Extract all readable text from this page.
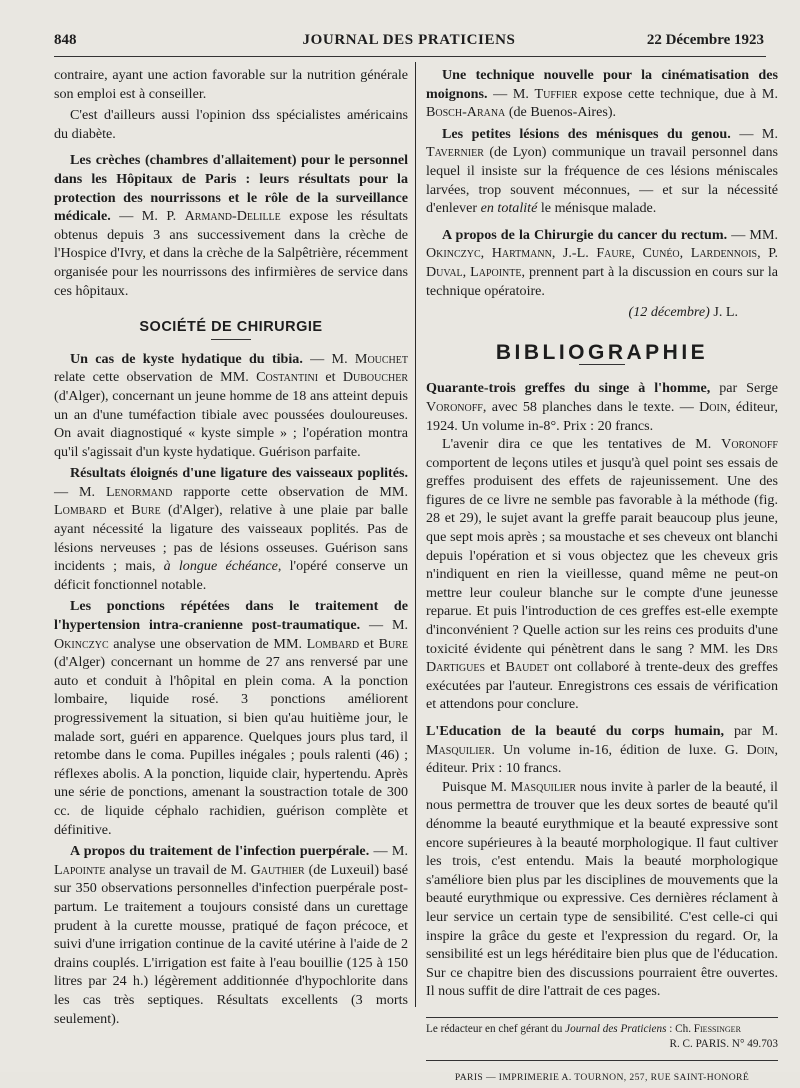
848	JOURNAL DES PRATICIENS	22 Décembre 1923

contraire, ayant une action favorable sur la nutrition générale son emploi est à conseiller.

C'est d'ailleurs aussi l'opinion dss spécialistes américains du diabète.

Les crèches (chambres d'allaitement) pour le personnel dans les Hôpitaux de Paris : leurs résultats pour la protection des nourrissons et le rôle de la surveillance médicale. — M. P. Armand-Delille expose les résultats obtenus depuis 3 ans successivement dans la crèche de l'Hospice d'Ivry, et dans la crèche de la Salpêtrière, récemment organisée pour les nourrissons des infirmières de service dans ces hôpitaux.

SOCIÉTÉ DE CHIRURGIE

Un cas de kyste hydatique du tibia. — M. Mouchet relate cette observation de MM. Costantini et Duboucher (d'Alger), concernant un jeune homme de 18 ans atteint depuis un an d'une tuméfaction tibiale avec poussées douloureuses. On avait diagnostiqué « kyste simple » ; l'opération montra qu'il s'agissait d'un kyste hydatique. Guérison parfaite.

Résultats éloignés d'une ligature des vaisseaux poplités. — M. Lenormand rapporte cette observation de MM. Lombard et Bure (d'Alger), relative à une plaie par balle ayant nécessité la ligature des vaisseaux poplités. Pas de lésions nerveuses ; pas de lésions osseuses. Guérison sans incidents ; mais, à longue échéance, l'opéré conserve un déficit fonctionnel notable.

Les ponctions répétées dans le traitement de l'hypertension intra-cranienne post-traumatique. — M. Okinczyc analyse une observation de MM. Lombard et Bure (d'Alger) concernant un homme de 27 ans renversé par une auto et conduit à l'hôpital en plein coma. A la ponction lombaire, liquide rosé. 3 ponctions améliorent progressivement la situation, si bien qu'au huitième jour, le malade sort, guéri en apparence. Quelques jours plus tard, il retombe dans le coma. Pupilles inégales ; pouls ralenti (46) ; réflexes abolis. A la ponction, liquide clair, hypertendu. Après une série de ponctions, amenant la soustraction totale de 300 cc. de liquide céphalo rachidien, guérison complète et définitive.

A propos du traitement de l'infection puerpérale. — M. Lapointe analyse un travail de M. Gauthier (de Luxeuil) basé sur 350 observations personnelles d'infection puerpérale post-partum. Le traitement a toujours consisté dans un curettage prudent à la curette mousse, pratiqué de façon précoce, et suivi d'une irrigation continue de la cavité utérine à l'aide de 2 drains couplés. L'irrigation est faite à l'eau bouillie (125 à 150 litres par 24 h.) légèrement additionnée d'hypochlorite dans les cas très septiques. Résultats excellents (3 morts seulement).

Une technique nouvelle pour la cinématisation des moignons. — M. Tuffier expose cette technique, due à M. Bosch-Arana (de Buenos-Aires).

Les petites lésions des ménisques du genou. — M. Tavernier (de Lyon) communique un travail personnel dans lequel il insiste sur la fréquence de ces lésions méniscales larvées, trop souvent méconnues, — et sur la nécessité d'enlever en totalité le ménisque malade.

A propos de la Chirurgie du cancer du rectum. — MM. Okinczyc, Hartmann, J.-L. Faure, Cunéo, Lardennois, P. Duval, Lapointe, prennent part à la discussion en cours sur la technique opératoire.

(12 décembre) J. L.
BIBLIOGRAPHIE

Quarante-trois greffes du singe à l'homme, par Serge Voronoff, avec 58 planches dans le texte. — Doin, éditeur, 1924. Un volume in-8°. Prix : 20 francs.

L'avenir dira ce que les tentatives de M. Voronoff comportent de leçons utiles et jusqu'à quel point ses essais de greffes produisent des effets de rajeunissement. Une des figures de ce livre ne semble pas favorable à la méthode (fig. 28 et 29), le sujet avant la greffe parait beaucoup plus jeune, que sept mois après ; sa moustache et ses cheveux ont blanchi depuis l'opération et si vous objectez que les cheveux gris n'indiquent en rien la vieillesse, quand même ne peut-on mettre leur couleur blanche sur le compte d'une jeunesse reparue. Et puis l'introduction de ces greffes est-elle exempte d'inconvénient ? Quelle action sur les reins ces produits d'une toxicité évidente qui pénètrent dans le sang ? MM. les Drs Dartigues et Baudet ont collaboré à trente-deux des greffes exécutées par l'auteur. Enregistrons ces essais de vérification et attendons pour conclure.

L'Education de la beauté du corps humain, par M. Masquilier. Un volume in-16, édition de luxe. G. Doin, éditeur. Prix : 10 francs.

Puisque M. Masquilier nous invite à parler de la beauté, il nous permettra de trouver que les deux sortes de beauté qu'il dénomme la beauté eurythmique et la beauté expressive sont encore supérieures à la beauté morphologique. Il faut cultiver les trois, c'est entendu. Mais la beauté morphologique s'améliore bien plus par les disciplines de mouvements que la beauté eurythmique ou expressive. Ces dernières réclament à leur service un certain type de sensibilité. C'est celle-ci qui inspire la grâce du geste et l'expression du regard. Or, la sensibilité est un legs héréditaire bien plus que de l'éducation. Sur ce chapitre bien des discussions pourraient être ouvertes. Il nous suffit de dire l'attrait de ces pages.

Le rédacteur en chef gérant du Journal des Praticiens : Ch. Fiessinger
R. C. PARIS. N° 49.703
PARIS — IMPRIMERIE A. TOURNON, 257, RUE SAINT-HONORÉ
